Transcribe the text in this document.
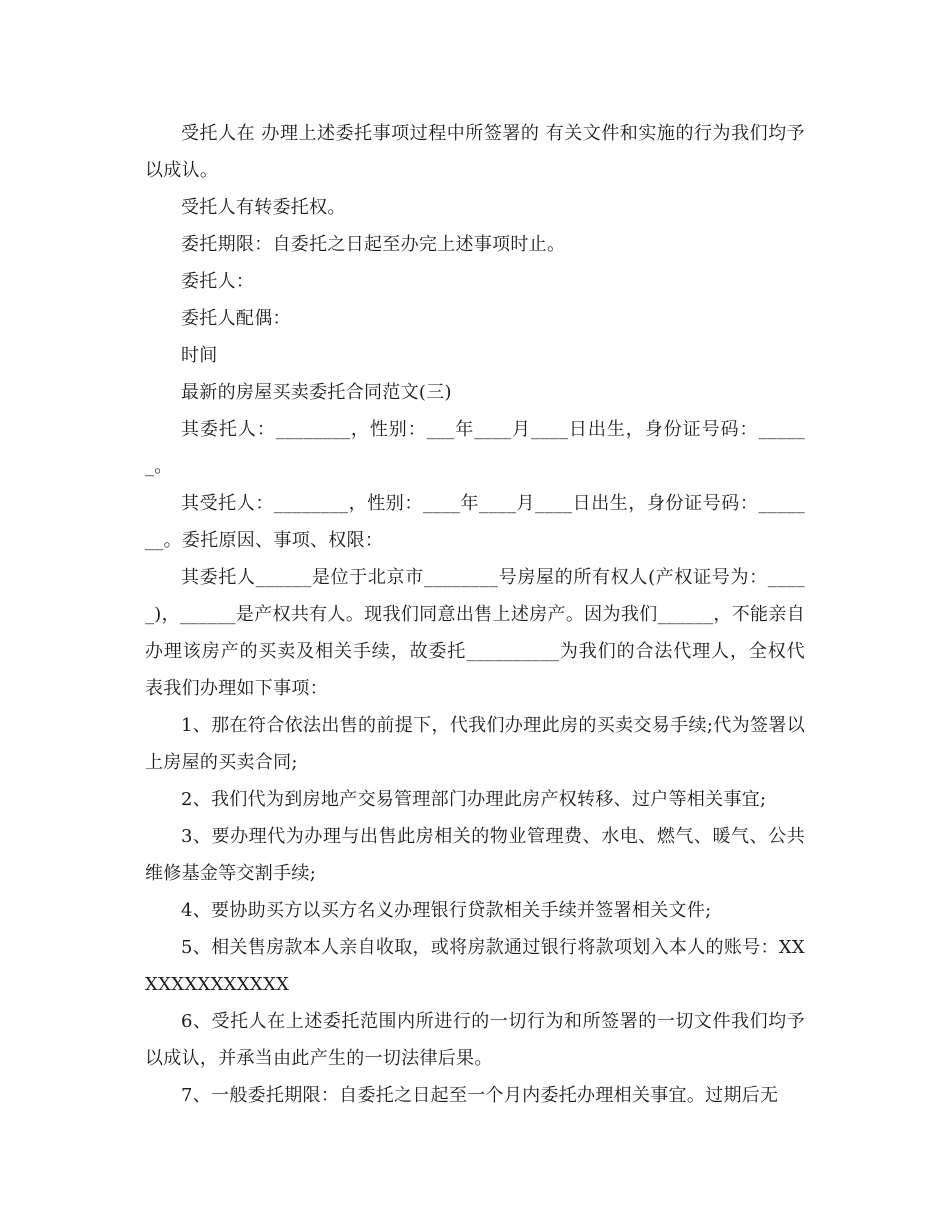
受托人在 办理上述委托事项过程中所签署的 有关文件和实施的行为我们均予以成认。

受托人有转委托权。

委托期限：自委托之日起至办完上述事项时止。

委托人：

委托人配偶：

时间

最新的房屋买卖委托合同范文(三)

其委托人：________，性别：___年____月____日出生，身份证号码：______。

其受托人：________，性别：____年____月____日出生，身份证号码：_______。委托原因、事项、权限：

其委托人______是位于北京市________号房屋的所有权人(产权证号为：_____)，______是产权共有人。现我们同意出售上述房产。因为我们______，不能亲自办理该房产的买卖及相关手续，故委托__________为我们的合法代理人，全权代表我们办理如下事项：

1、那在符合依法出售的前提下，代我们办理此房的买卖交易手续;代为签署以上房屋的买卖合同;

2、我们代为到房地产交易管理部门办理此房产权转移、过户等相关事宜;

3、要办理代为办理与出售此房相关的物业管理费、水电、燃气、暖气、公共维修基金等交割手续;

4、要协助买方以买方名义办理银行贷款相关手续并签署相关文件;

5、相关售房款本人亲自收取，或将房款通过银行将款项划入本人的账号：XXXXXXXXXXXXX

6、受托人在上述委托范围内所进行的一切行为和所签署的一切文件我们均予以成认，并承当由此产生的一切法律后果。

7、一般委托期限：自委托之日起至一个月内委托办理相关事宜。过期后无
